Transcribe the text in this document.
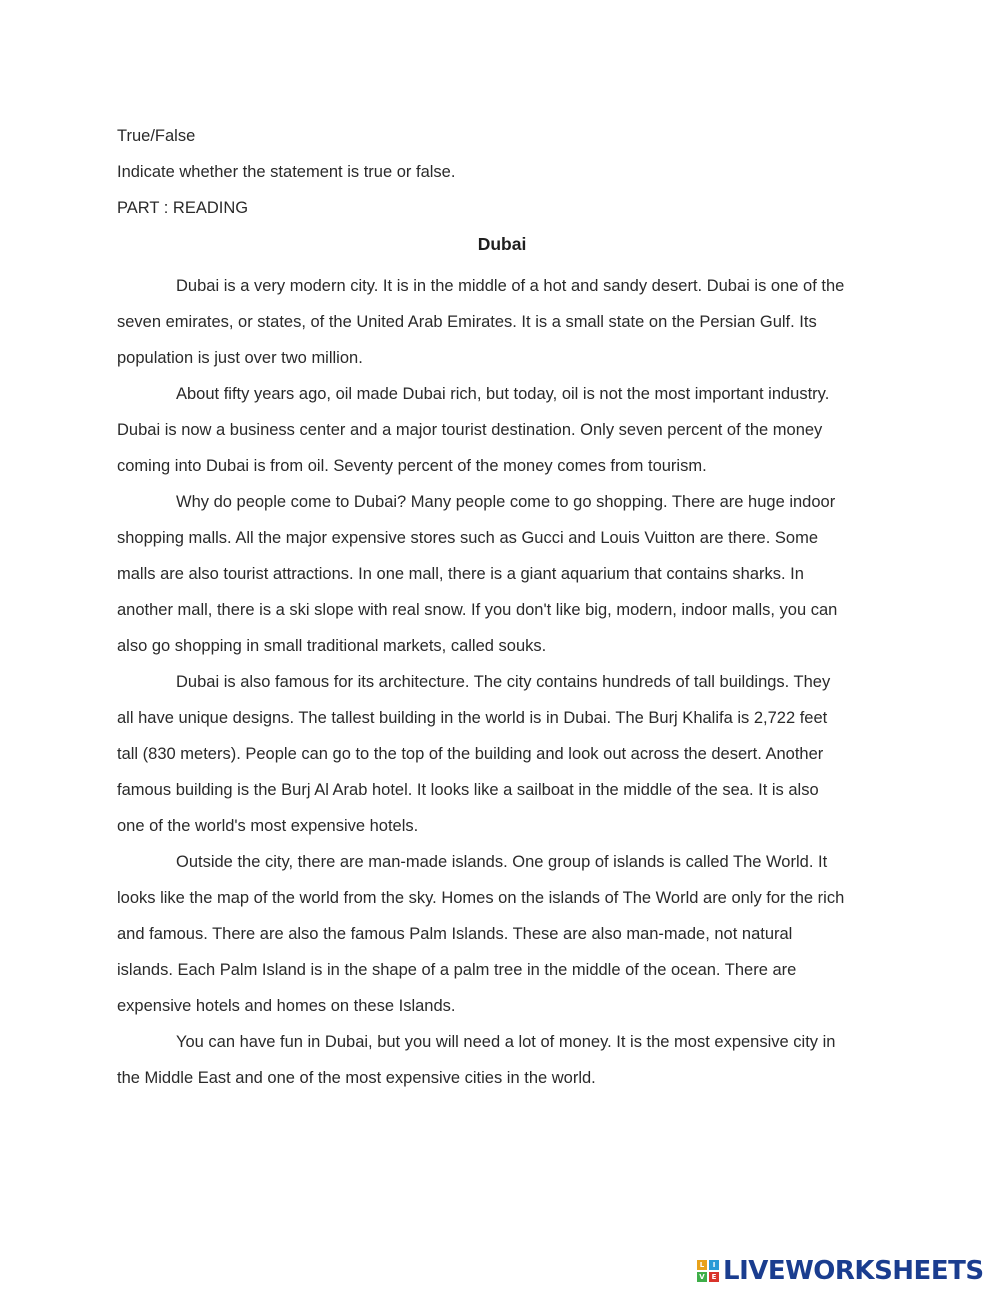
True/False

Indicate whether the statement is true or false.

PART : READING

Dubai
Dubai is a very modern city. It is in the middle of a hot and sandy desert. Dubai is one of the
seven emirates, or states, of the United Arab Emirates. It is a small state on the Persian Gulf. Its
population is just over two million.
About fifty years ago, oil made Dubai rich, but today, oil is not the most important industry.
Dubai is now a business center and a major tourist destination. Only seven percent of the money
coming into Dubai is from oil. Seventy percent of the money comes from tourism.
Why do people come to Dubai? Many people come to go shopping. There are huge indoor
shopping malls. All the major expensive stores such as Gucci and Louis Vuitton are there. Some
malls are also tourist attractions. In one mall, there is a giant aquarium that contains sharks. In
another mall, there is a ski slope with real snow. If you don't like big, modern, indoor malls, you can
also go shopping in small traditional markets, called souks.
Dubai is also famous for its architecture. The city contains hundreds of tall buildings. They
all have unique designs. The tallest building in the world is in Dubai. The Burj Khalifa is 2,722 feet
tall (830 meters). People can go to the top of the building and look out across the desert. Another
famous building is the Burj Al Arab hotel. It looks like a sailboat in the middle of the sea. It is also
one of the world's most expensive hotels.
Outside the city, there are man-made islands. One group of islands is called The World. It
looks like the map of the world from the sky. Homes on the islands of The World are only for the rich
and famous. There are also the famous Palm Islands. These are also man-made, not natural
islands. Each Palm Island is in the shape of a palm tree in the middle of the ocean. There are
expensive hotels and homes on these Islands.
You can have fun in Dubai, but you will need a lot of money. It is the most expensive city in
the Middle East and one of the most expensive cities in the world.
L	I
V E LIVEWORKSHEETS
